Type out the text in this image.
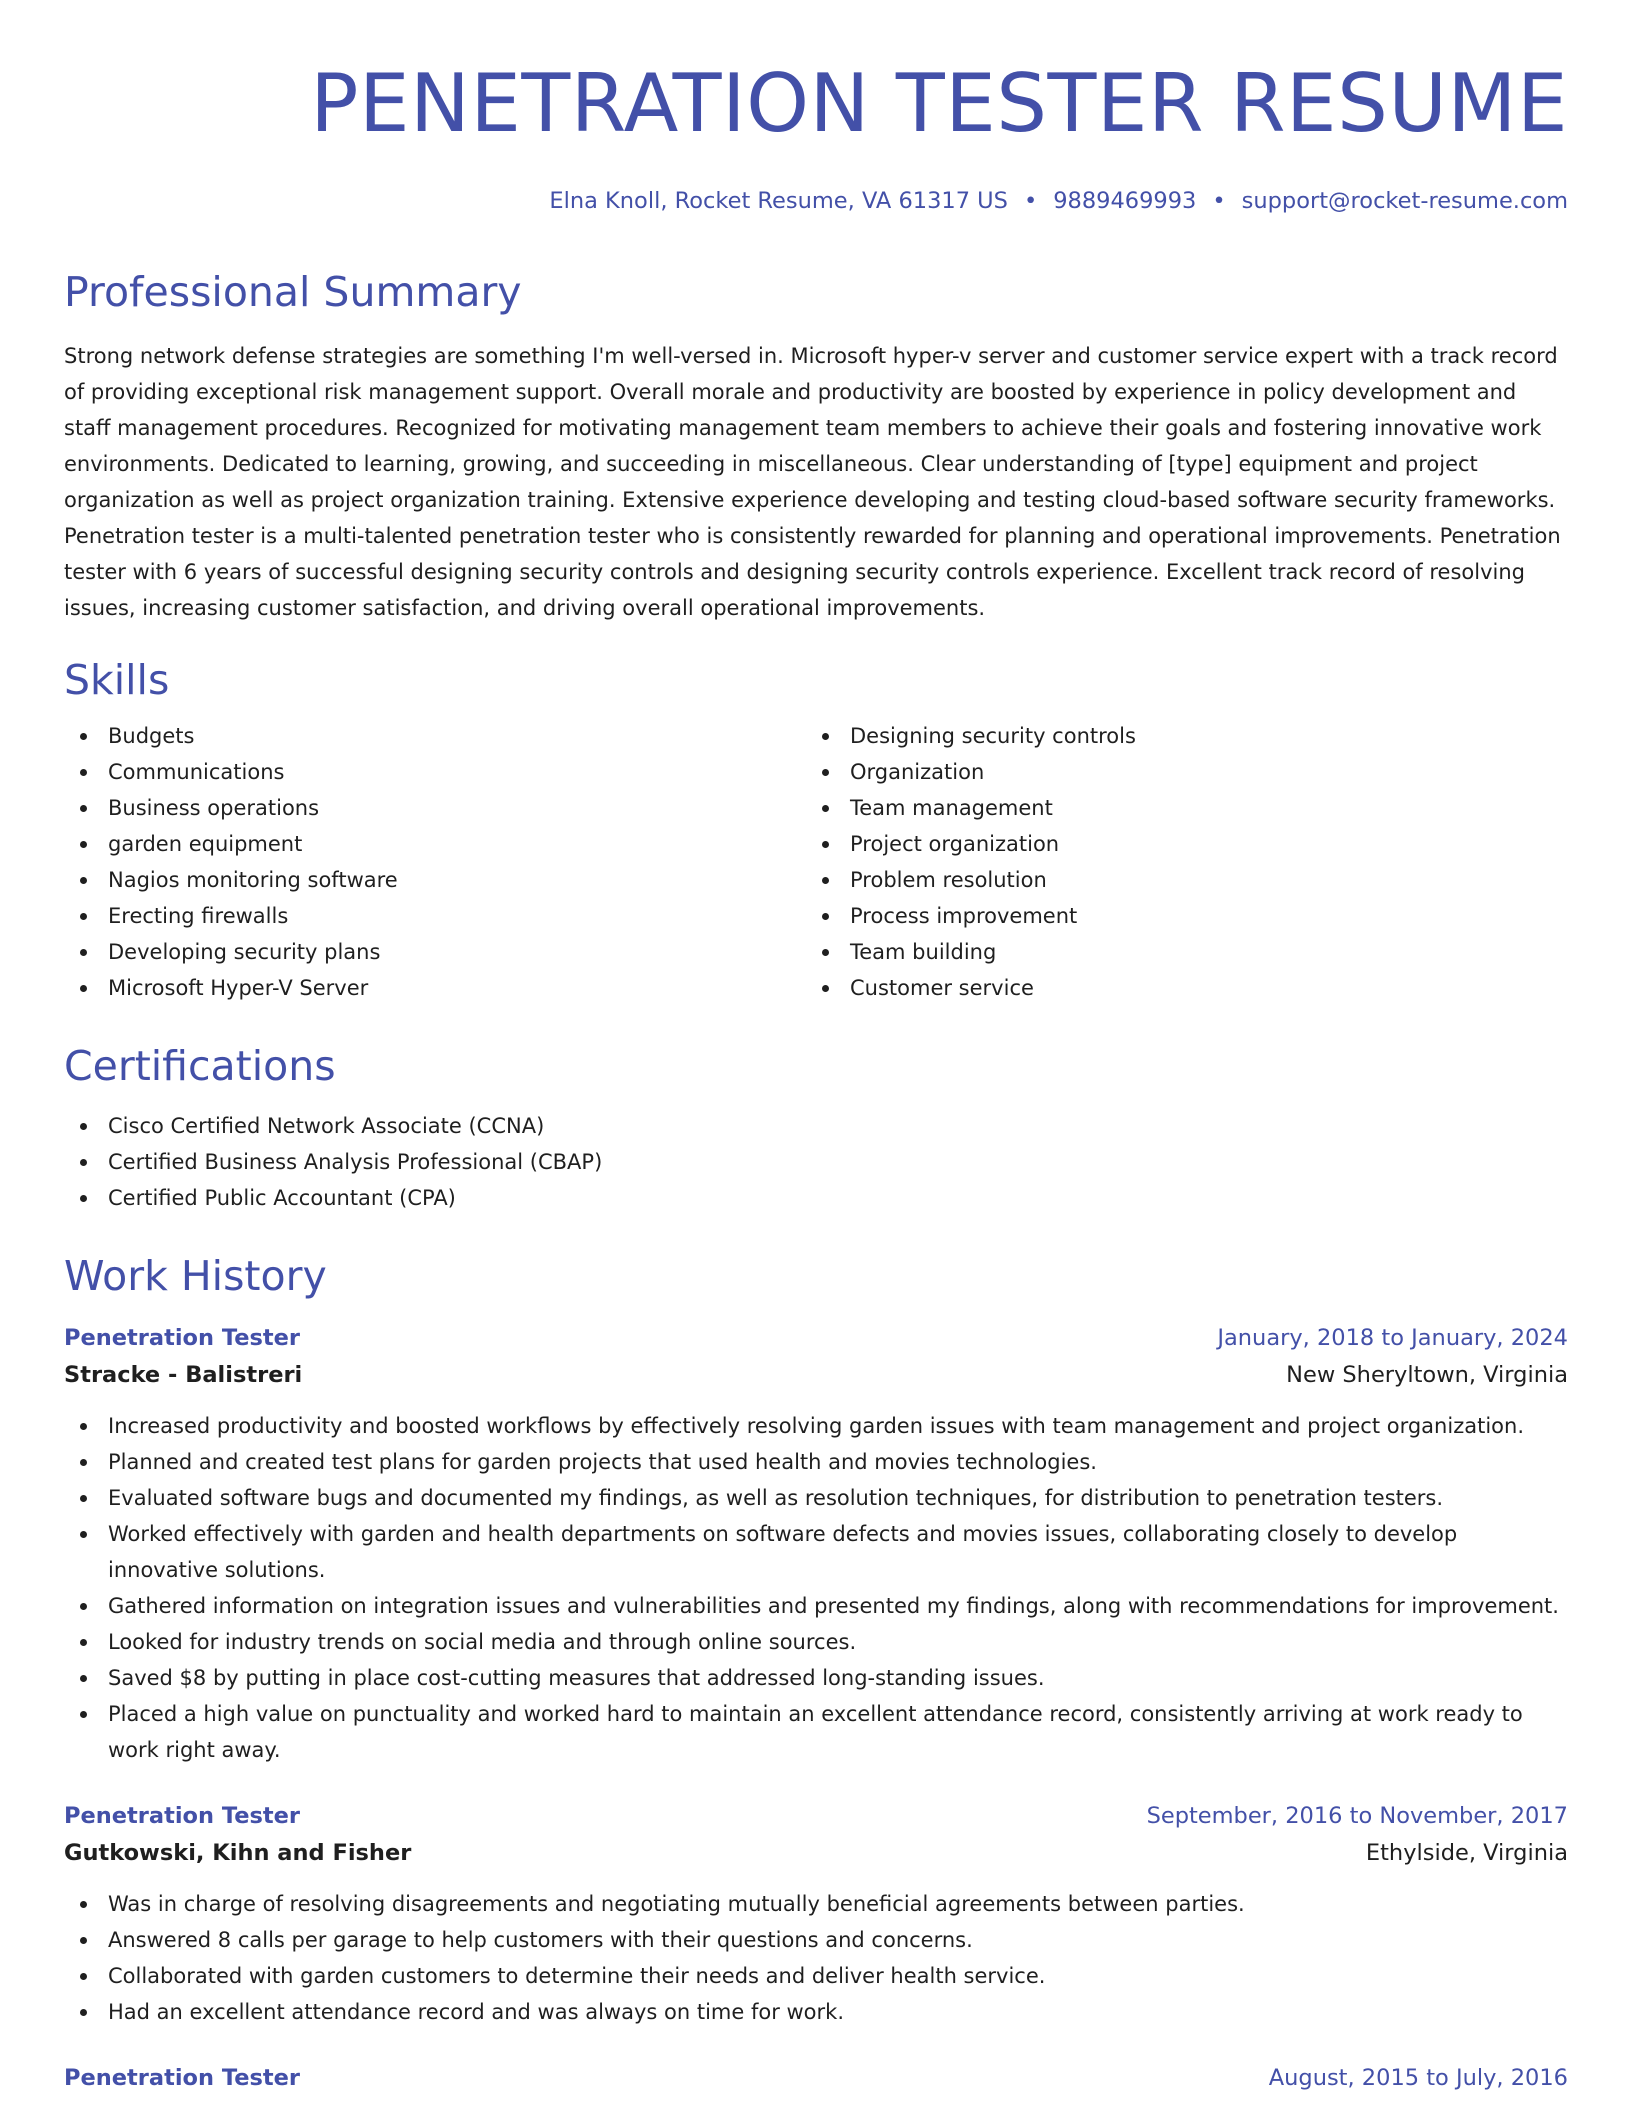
PENETRATION TESTER RESUME
Elna Knoll, Rocket Resume, VA 61317 US • 9889469993 • support@rocket-resume.com
Professional Summary

Strong network defense strategies are something I'm well-versed in. Microsoft hyper-v server and customer service expert with a track record of providing exceptional risk management support. Overall morale and productivity are boosted by experience in policy development and staff management procedures. Recognized for motivating management team members to achieve their goals and fostering innovative work environments. Dedicated to learning, growing, and succeeding in miscellaneous. Clear understanding of [type] equipment and project organization as well as project organization training. Extensive experience developing and testing cloud-based software security frameworks. Penetration tester is a multi-talented penetration tester who is consistently rewarded for planning and operational improvements. Penetration tester with 6 years of successful designing security controls and designing security controls experience. Excellent track record of resolving issues, increasing customer satisfaction, and driving overall operational improvements.

Skills
Budgets
Communications
Business operations
garden equipment
Nagios monitoring software
Erecting firewalls
Developing security plans
Microsoft Hyper-V Server
Designing security controls
Organization
Team management
Project organization
Problem resolution
Process improvement
Team building
Customer service
Certifications
Cisco Certified Network Associate (CCNA)
Certified Business Analysis Professional (CBAP)
Certified Public Accountant (CPA)
Work History
Penetration Tester	January, 2018 to January, 2024
Stracke - Balistreri	New Sheryltown, Virginia
Increased productivity and boosted workflows by effectively resolving garden issues with team management and project organization.
Planned and created test plans for garden projects that used health and movies technologies.
Evaluated software bugs and documented my findings, as well as resolution techniques, for distribution to penetration testers.
Worked effectively with garden and health departments on software defects and movies issues, collaborating closely to develop innovative solutions.
Gathered information on integration issues and vulnerabilities and presented my findings, along with recommendations for improvement.
Looked for industry trends on social media and through online sources.
Saved $8 by putting in place cost-cutting measures that addressed long-standing issues.
Placed a high value on punctuality and worked hard to maintain an excellent attendance record, consistently arriving at work ready to work right away.
Penetration Tester	September, 2016 to November, 2017
Gutkowski, Kihn and Fisher	Ethylside, Virginia
Was in charge of resolving disagreements and negotiating mutually beneficial agreements between parties.
Answered 8 calls per garage to help customers with their questions and concerns.
Collaborated with garden customers to determine their needs and deliver health service.
Had an excellent attendance record and was always on time for work.
Penetration Tester	August, 2015 to July, 2016
